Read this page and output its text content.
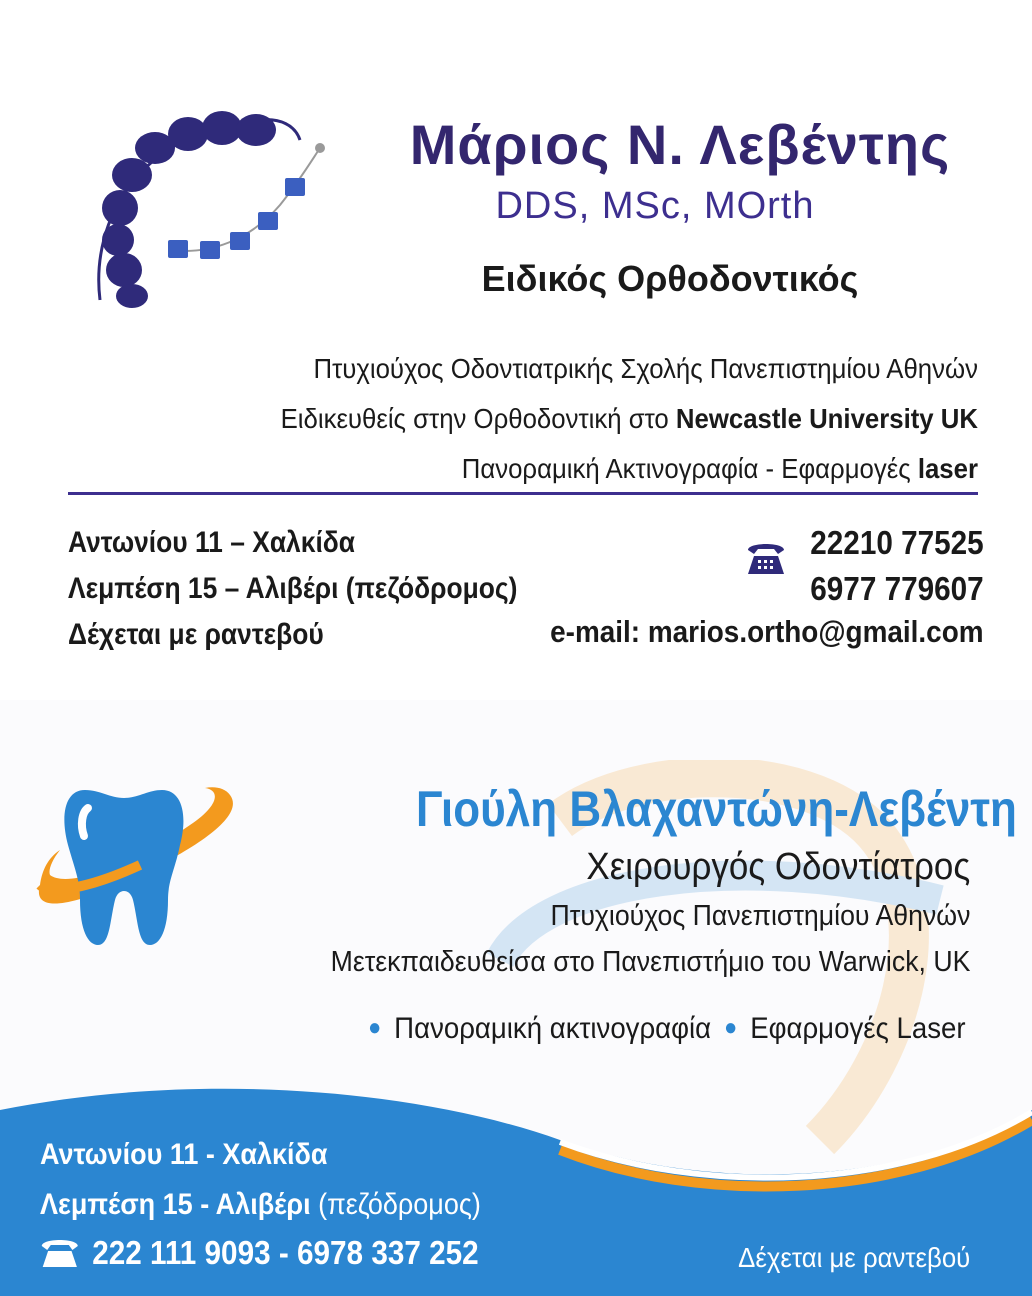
Μάριος Ν. Λεβέντης
DDS, MSc, MOrth
Ειδικός Ορθοδοντικός
Πτυχιούχος Οδοντιατρικής Σχολής Πανεπιστημίου Αθηνών
Ειδικευθείς στην Ορθοδοντική στο Newcastle University UK
Πανοραμική Ακτινογραφία - Εφαρμογές laser
Αντωνίου 11 – Χαλκίδα
Λεμπέση 15 – Αλιβέρι (πεζόδρομος)
Δέχεται με ραντεβού
22210 77525
6977 779607
e-mail: marios.ortho@gmail.com
Γιούλη Βλαχαντώνη-Λεβέντη
Χειρουργός Οδοντίατρος
Πτυχιούχος Πανεπιστημίου Αθηνών
Μετεκπαιδευθείσα στο Πανεπιστήμιο του Warwick, UK
● Πανοραμική ακτινογραφία ● Εφαρμογές Laser
Αντωνίου 11 - Χαλκίδα
Λεμπέση 15 - Αλιβέρι (πεζόδρομος)
222 111 9093 - 6978 337 252	Δέχεται με ραντεβού
